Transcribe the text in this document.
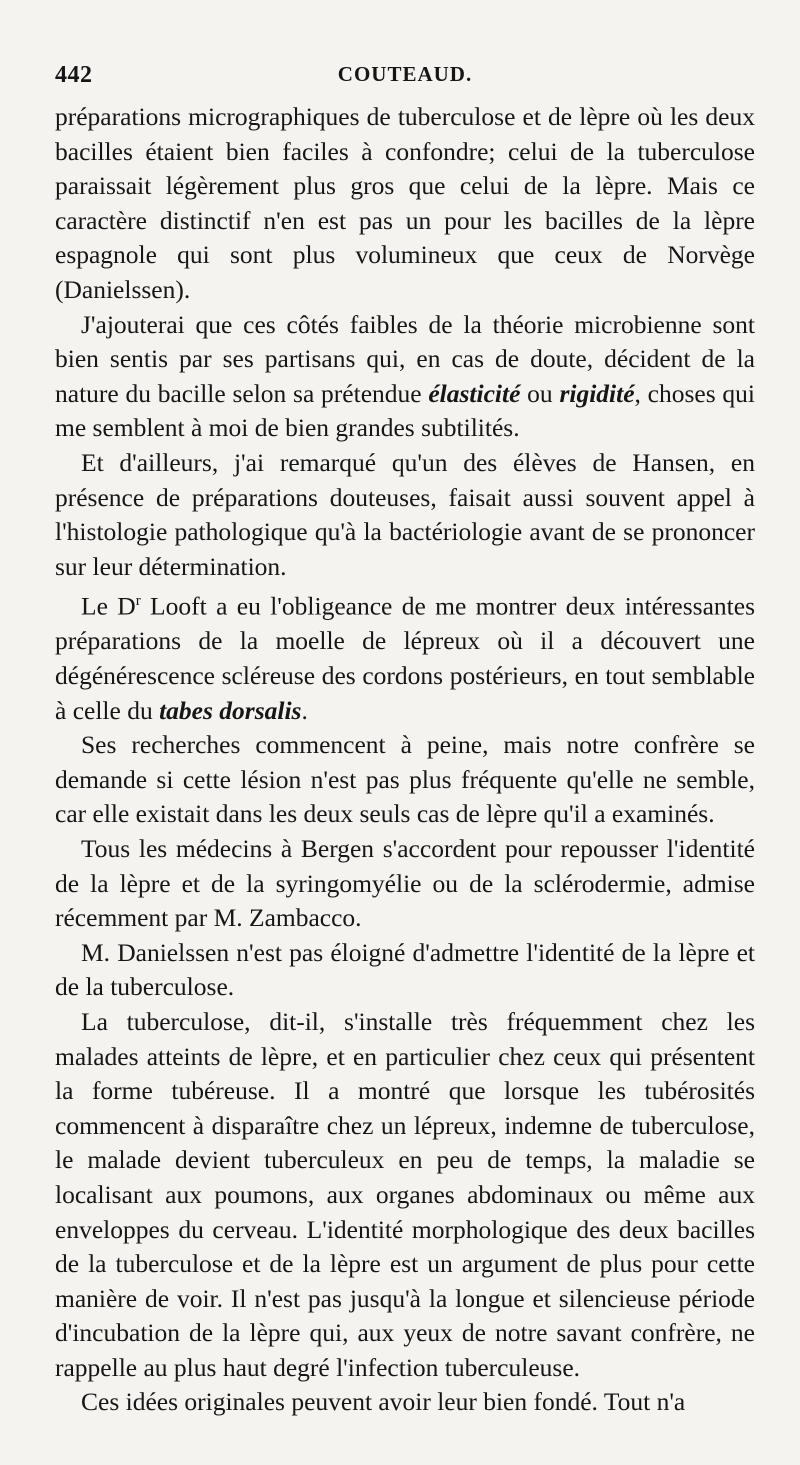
442	COUTEAUD.

préparations micrographiques de tuberculose et de lèpre où les deux bacilles étaient bien faciles à confondre; celui de la tuberculose paraissait légèrement plus gros que celui de la lèpre. Mais ce caractère distinctif n'en est pas un pour les bacilles de la lèpre espagnole qui sont plus volumineux que ceux de Norvège (Danielssen).

J'ajouterai que ces côtés faibles de la théorie microbienne sont bien sentis par ses partisans qui, en cas de doute, décident de la nature du bacille selon sa prétendue élasticité ou rigidité, choses qui me semblent à moi de bien grandes subtilités.

Et d'ailleurs, j'ai remarqué qu'un des élèves de Hansen, en présence de préparations douteuses, faisait aussi souvent appel à l'histologie pathologique qu'à la bactériologie avant de se prononcer sur leur détermination.

Le $D^r$ Looft a eu l'obligeance de me montrer deux intéressantes préparations de la moelle de lépreux où il a découvert une dégénérescence scléreuse des cordons postérieurs, en tout semblable à celle du tabes dorsalis.

Ses recherches commencent à peine, mais notre confrère se demande si cette lésion n'est pas plus fréquente qu'elle ne semble, car elle existait dans les deux seuls cas de lèpre qu'il a examinés.

Tous les médecins à Bergen s'accordent pour repousser l'identité de la lèpre et de la syringomyélie ou de la sclérodermie, admise récemment par M. Zambacco.

M. Danielssen n'est pas éloigné d'admettre l'identité de la lèpre et de la tuberculose.

La tuberculose, dit-il, s'installe très fréquemment chez les malades atteints de lèpre, et en particulier chez ceux qui présentent la forme tubéreuse. Il a montré que lorsque les tubérosités commencent à disparaître chez un lépreux, indemne de tuberculose, le malade devient tuberculeux en peu de temps, la maladie se localisant aux poumons, aux organes abdominaux ou même aux enveloppes du cerveau. L'identité morphologique des deux bacilles de la tuberculose et de la lèpre est un argument de plus pour cette manière de voir. Il n'est pas jusqu'à la longue et silencieuse période d'incubation de la lèpre qui, aux yeux de notre savant confrère, ne rappelle au plus haut degré l'infection tuberculeuse.

Ces idées originales peuvent avoir leur bien fondé. Tout n'a
